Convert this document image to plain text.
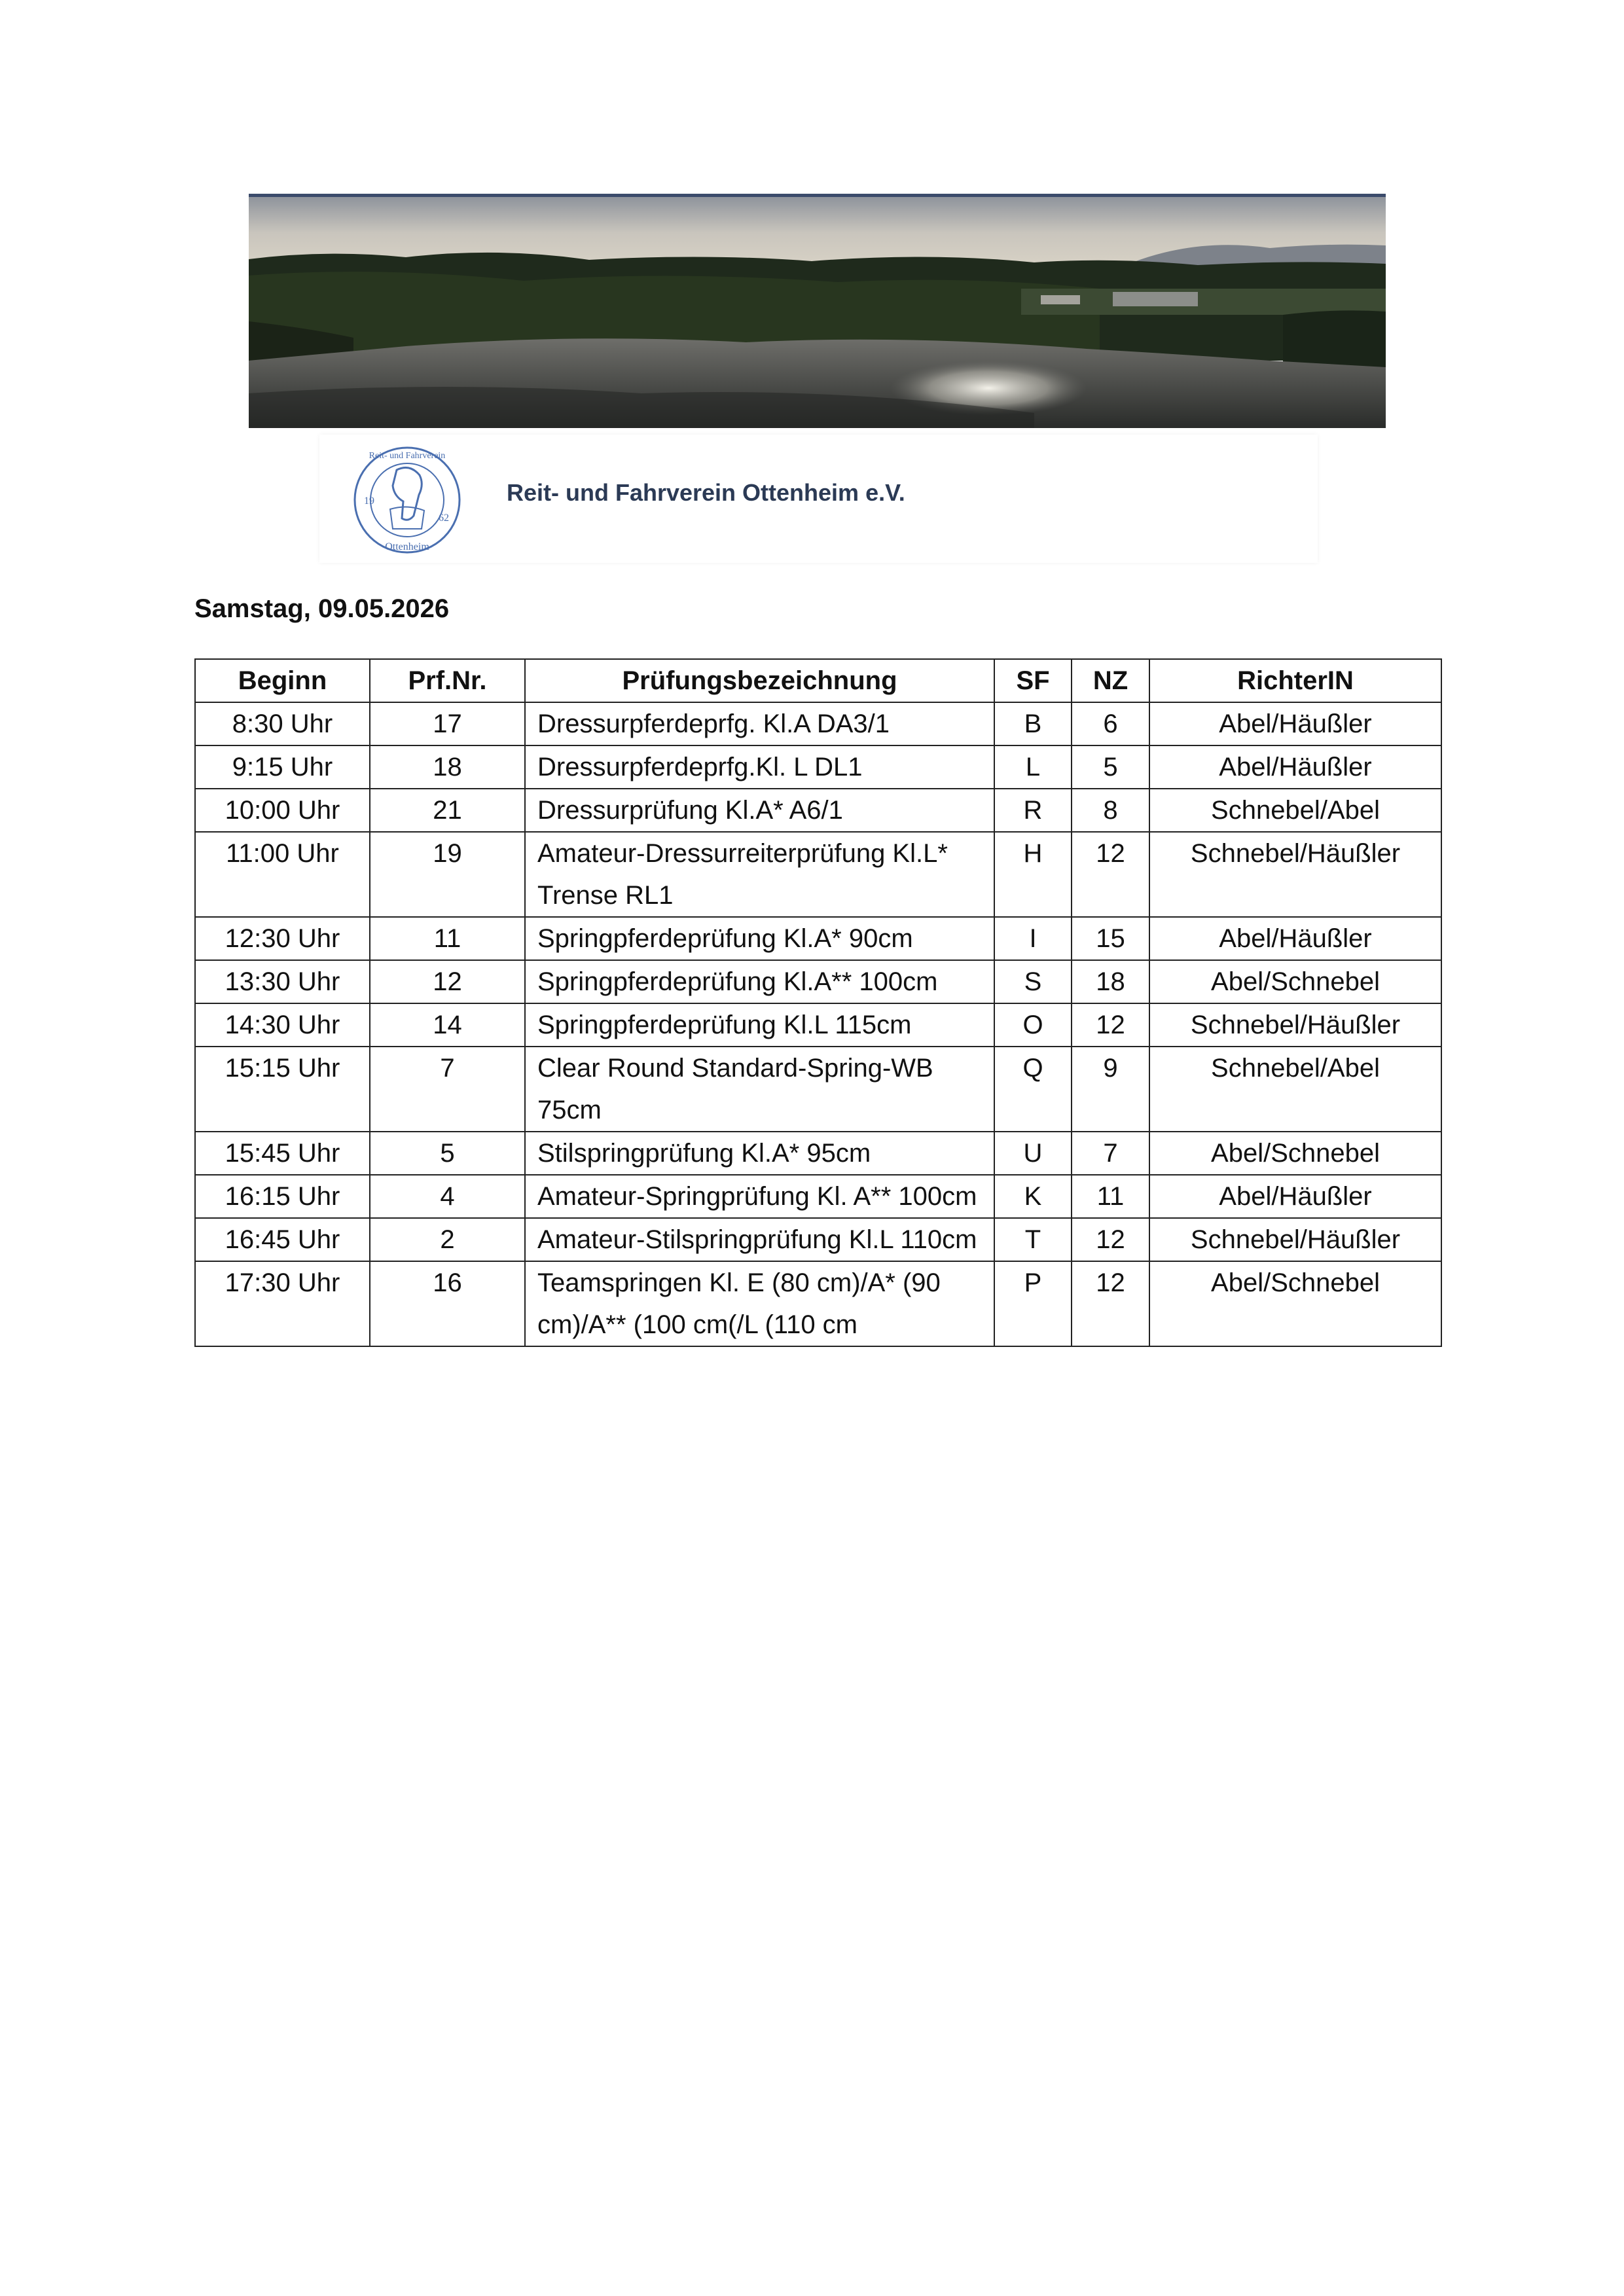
Reit- und Fahrverein
19
62
Ottenheim
Reit- und Fahrverein Ottenheim e.V.
Samstag, 09.05.2026
Beginn	Prf.Nr.	Prüfungsbezeichnung	SF	NZ	RichterIN
8:30 Uhr	17	Dressurpferdeprfg. Kl.A DA3/1	B	6	Abel/Häußler
9:15 Uhr	18	Dressurpferdeprfg.Kl. L DL1	L	5	Abel/Häußler
10:00 Uhr	21	Dressurprüfung Kl.A* A6/1	R	8	Schnebel/Abel
11:00 Uhr	19	Amateur-Dressurreiterprüfung Kl.L* Trense RL1	H	12	Schnebel/Häußler
12:30 Uhr	11	Springpferdeprüfung Kl.A* 90cm	I	15	Abel/Häußler
13:30 Uhr	12	Springpferdeprüfung Kl.A** 100cm	S	18	Abel/Schnebel
14:30 Uhr	14	Springpferdeprüfung Kl.L 115cm	O	12	Schnebel/Häußler
15:15 Uhr	7	Clear Round Standard-Spring-WB 75cm	Q	9	Schnebel/Abel
15:45 Uhr	5	Stilspringprüfung Kl.A* 95cm	U	7	Abel/Schnebel
16:15 Uhr	4	Amateur-Springprüfung Kl. A** 100cm	K	11	Abel/Häußler
16:45 Uhr	2	Amateur-Stilspringprüfung Kl.L 110cm	T	12	Schnebel/Häußler
17:30 Uhr	16	Teamspringen Kl. E (80 cm)/A* (90 cm)/A** (100 cm(/L (110 cm	P	12	Abel/Schnebel
